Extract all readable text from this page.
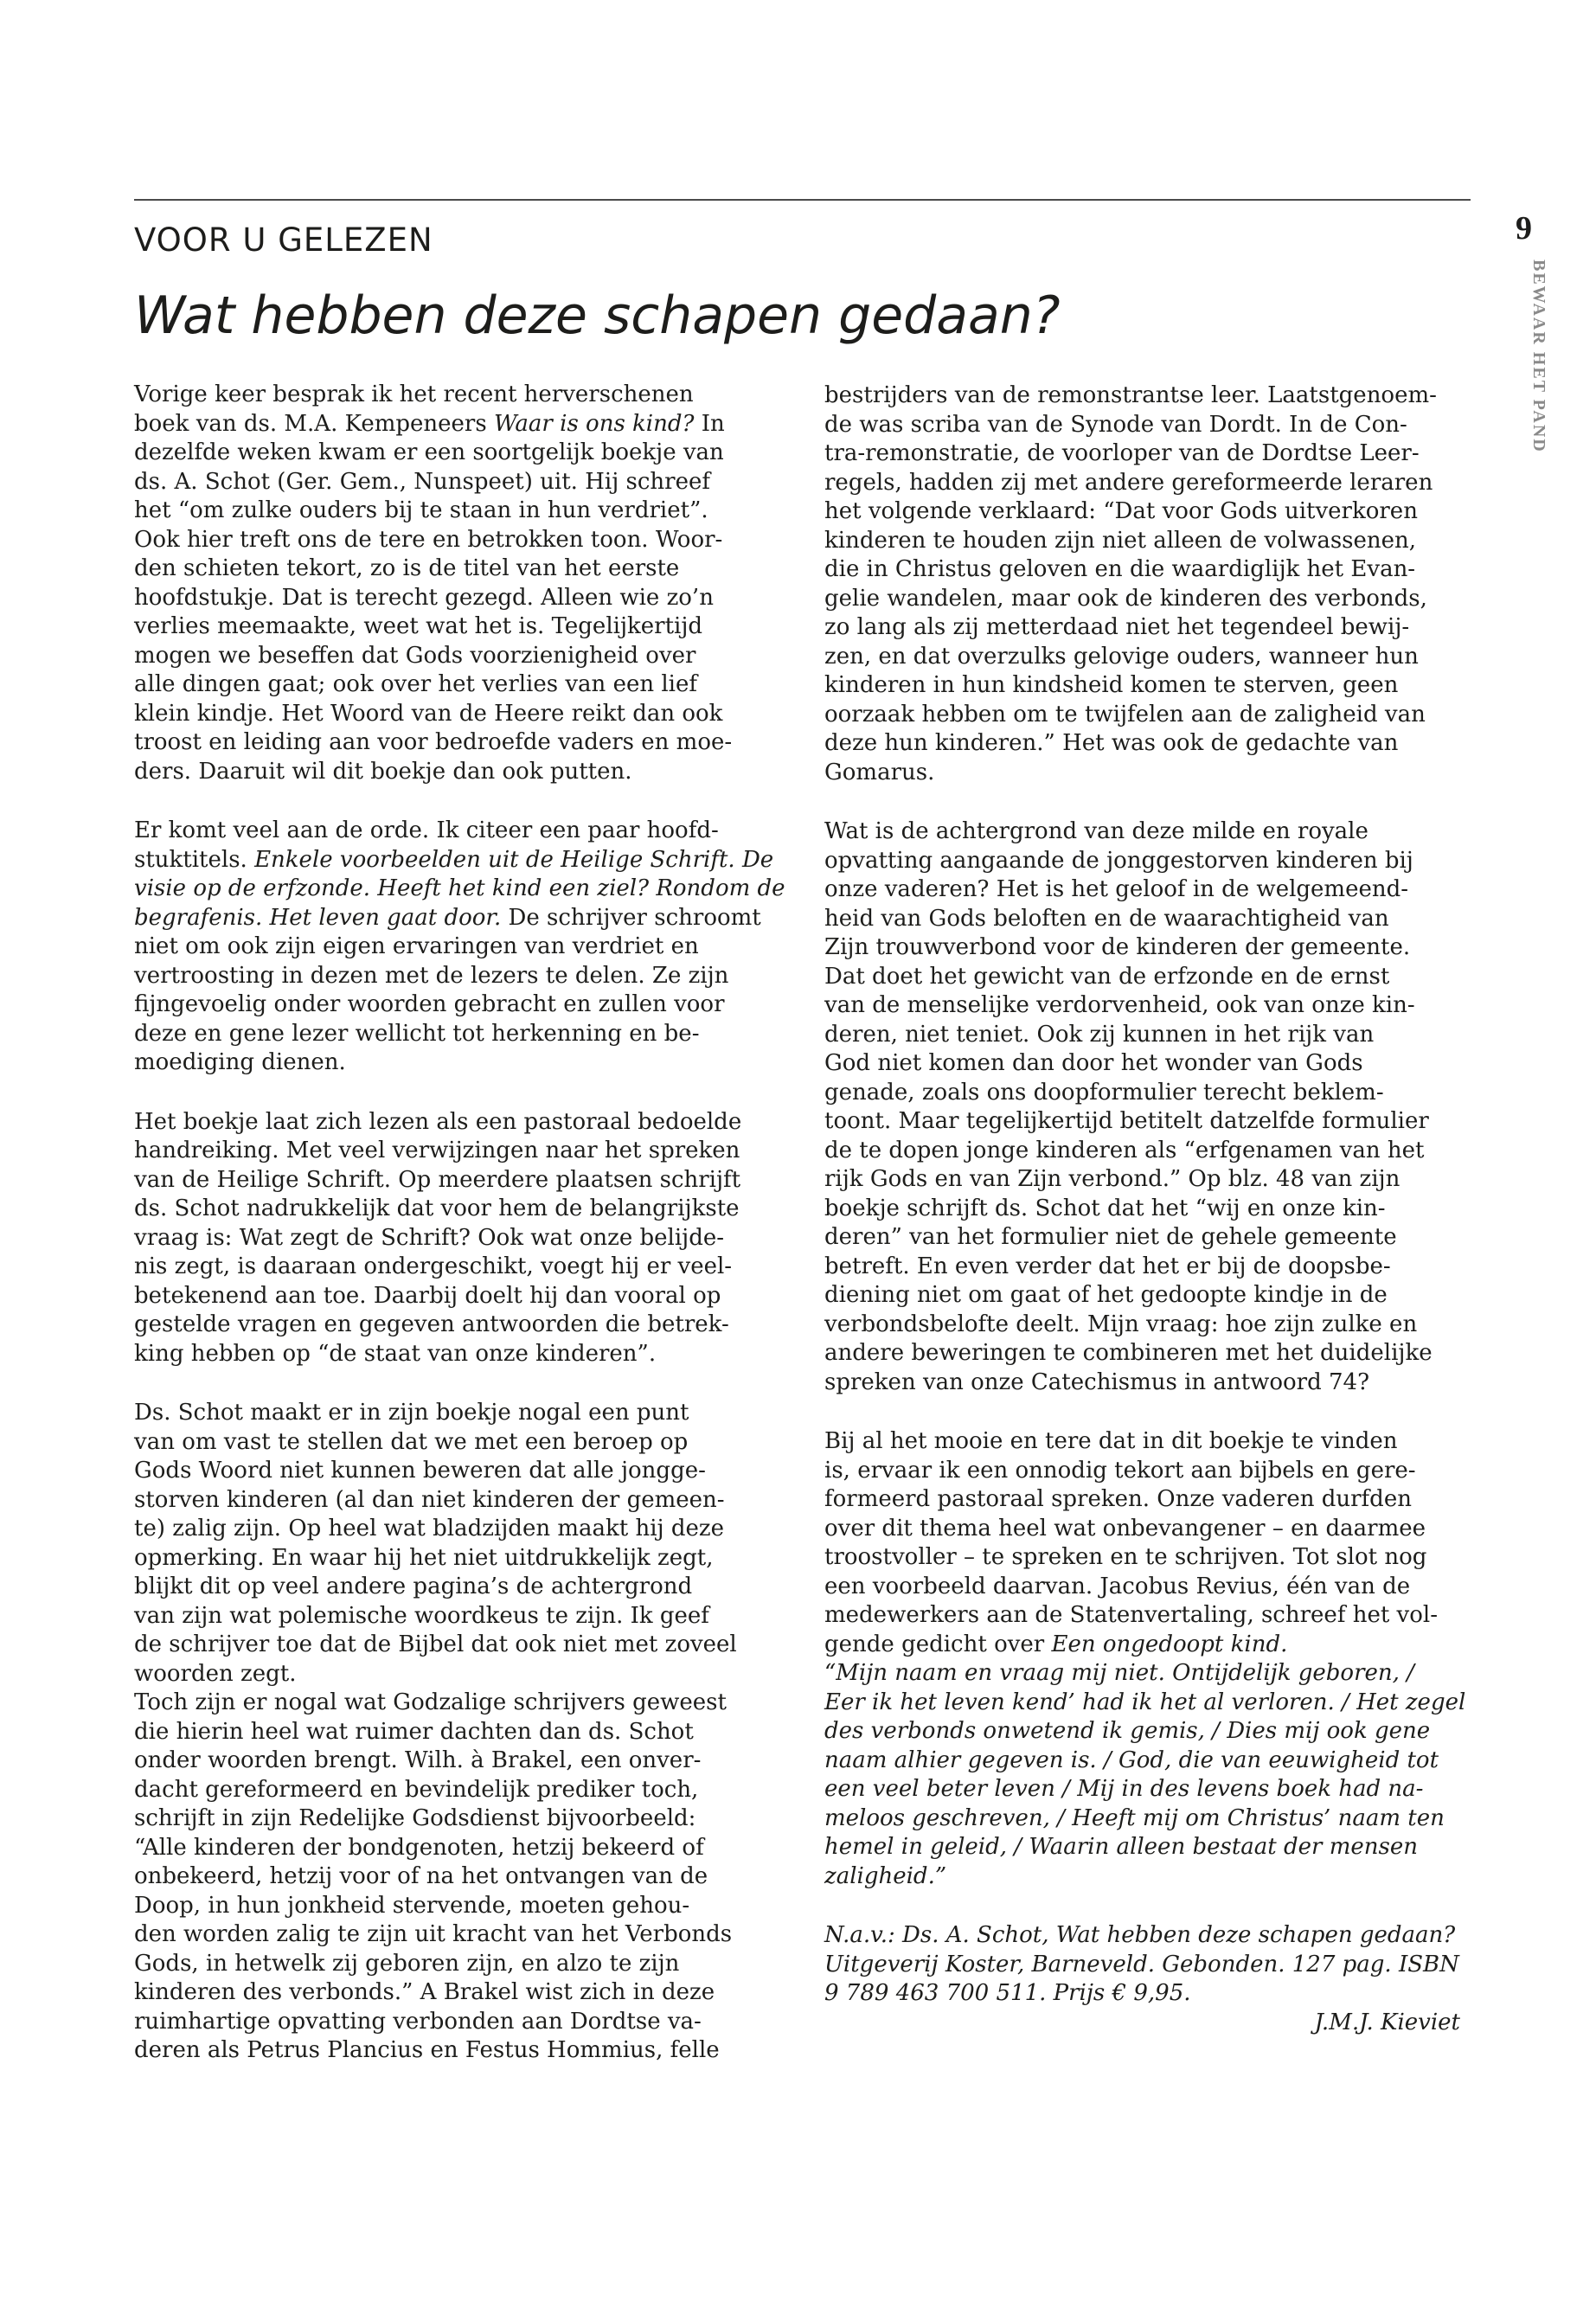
9
BEWAAR HET PAND
VOOR U GELEZEN
Wat hebben deze schapen gedaan?
Vorige keer besprak ik het recent herverschenen
boek van ds. M.A. Kempeneers Waar is ons kind? In
dezelfde weken kwam er een soortgelijk boekje van
ds. A. Schot (Ger. Gem., Nunspeet) uit. Hij schreef
het “om zulke ouders bij te staan in hun verdriet”.
Ook hier treft ons de tere en betrokken toon. Woor-
den schieten tekort, zo is de titel van het eerste
hoofdstukje. Dat is terecht gezegd. Alleen wie zo’n
verlies meemaakte, weet wat het is. Tegelijkertijd
mogen we beseffen dat Gods voorzienigheid over
alle dingen gaat; ook over het verlies van een lief
klein kindje. Het Woord van de Heere reikt dan ook
troost en leiding aan voor bedroefde vaders en moe-
ders. Daaruit wil dit boekje dan ook putten.
Er komt veel aan de orde. Ik citeer een paar hoofd-
stuktitels. Enkele voorbeelden uit de Heilige Schrift. De
visie op de erfzonde. Heeft het kind een ziel? Rondom de
begrafenis. Het leven gaat door. De schrijver schroomt
niet om ook zijn eigen ervaringen van verdriet en
vertroosting in dezen met de lezers te delen. Ze zijn
fijngevoelig onder woorden gebracht en zullen voor
deze en gene lezer wellicht tot herkenning en be-
moediging dienen.
Het boekje laat zich lezen als een pastoraal bedoelde
handreiking. Met veel verwijzingen naar het spreken
van de Heilige Schrift. Op meerdere plaatsen schrijft
ds. Schot nadrukkelijk dat voor hem de belangrijkste
vraag is: Wat zegt de Schrift? Ook wat onze belijde-
nis zegt, is daaraan ondergeschikt, voegt hij er veel-
betekenend aan toe. Daarbij doelt hij dan vooral op
gestelde vragen en gegeven antwoorden die betrek-
king hebben op “de staat van onze kinderen”.
Ds. Schot maakt er in zijn boekje nogal een punt
van om vast te stellen dat we met een beroep op
Gods Woord niet kunnen beweren dat alle jongge-
storven kinderen (al dan niet kinderen der gemeen-
te) zalig zijn. Op heel wat bladzijden maakt hij deze
opmerking. En waar hij het niet uitdrukkelijk zegt,
blijkt dit op veel andere pagina’s de achtergrond
van zijn wat polemische woordkeus te zijn. Ik geef
de schrijver toe dat de Bijbel dat ook niet met zoveel
woorden zegt.
Toch zijn er nogal wat Godzalige schrijvers geweest
die hierin heel wat ruimer dachten dan ds. Schot
onder woorden brengt. Wilh. à Brakel, een onver-
dacht gereformeerd en bevindelijk prediker toch,
schrijft in zijn Redelijke Godsdienst bijvoorbeeld:
“Alle kinderen der bondgenoten, hetzij bekeerd of
onbekeerd, hetzij voor of na het ontvangen van de
Doop, in hun jonkheid stervende, moeten gehou-
den worden zalig te zijn uit kracht van het Verbonds
Gods, in hetwelk zij geboren zijn, en alzo te zijn
kinderen des verbonds.” A Brakel wist zich in deze
ruimhartige opvatting verbonden aan Dordtse va-
deren als Petrus Plancius en Festus Hommius, felle
bestrijders van de remonstrantse leer. Laatstgenoem-
de was scriba van de Synode van Dordt. In de Con-
tra-remonstratie, de voorloper van de Dordtse Leer-
regels, hadden zij met andere gereformeerde leraren
het volgende verklaard: “Dat voor Gods uitverkoren
kinderen te houden zijn niet alleen de volwassenen,
die in Christus geloven en die waardiglijk het Evan-
gelie wandelen, maar ook de kinderen des verbonds,
zo lang als zij metterdaad niet het tegendeel bewij-
zen, en dat overzulks gelovige ouders, wanneer hun
kinderen in hun kindsheid komen te sterven, geen
oorzaak hebben om te twijfelen aan de zaligheid van
deze hun kinderen.” Het was ook de gedachte van
Gomarus.
Wat is de achtergrond van deze milde en royale
opvatting aangaande de jonggestorven kinderen bij
onze vaderen? Het is het geloof in de welgemeend-
heid van Gods beloften en de waarachtigheid van
Zijn trouwverbond voor de kinderen der gemeente.
Dat doet het gewicht van de erfzonde en de ernst
van de menselijke verdorvenheid, ook van onze kin-
deren, niet teniet. Ook zij kunnen in het rijk van
God niet komen dan door het wonder van Gods
genade, zoals ons doopformulier terecht beklem-
toont. Maar tegelijkertijd betitelt datzelfde formulier
de te dopen jonge kinderen als “erfgenamen van het
rijk Gods en van Zijn verbond.” Op blz. 48 van zijn
boekje schrijft ds. Schot dat het “wij en onze kin-
deren” van het formulier niet de gehele gemeente
betreft. En even verder dat het er bij de doopsbe-
diening niet om gaat of het gedoopte kindje in de
verbondsbelofte deelt. Mijn vraag: hoe zijn zulke en
andere beweringen te combineren met het duidelijke
spreken van onze Catechismus in antwoord 74?
Bij al het mooie en tere dat in dit boekje te vinden
is, ervaar ik een onnodig tekort aan bijbels en gere-
formeerd pastoraal spreken. Onze vaderen durfden
over dit thema heel wat onbevangener – en daarmee
troostvoller – te spreken en te schrijven. Tot slot nog
een voorbeeld daarvan. Jacobus Revius, één van de
medewerkers aan de Statenvertaling, schreef het vol-
gende gedicht over Een ongedoopt kind.
“Mijn naam en vraag mij niet. Ontijdelijk geboren, /
Eer ik het leven kend’ had ik het al verloren. / Het zegel
des verbonds onwetend ik gemis, / Dies mij ook gene
naam alhier gegeven is. / God, die van eeuwigheid tot
een veel beter leven / Mij in des levens boek had na-
meloos geschreven, / Heeft mij om Christus’ naam ten
hemel in geleid, / Waarin alleen bestaat der mensen
zaligheid.”
N.a.v.: Ds. A. Schot, Wat hebben deze schapen gedaan?
Uitgeverij Koster, Barneveld. Gebonden. 127 pag. ISBN
9 789 463 700 511. Prijs € 9,95.
J.M.J. Kieviet
